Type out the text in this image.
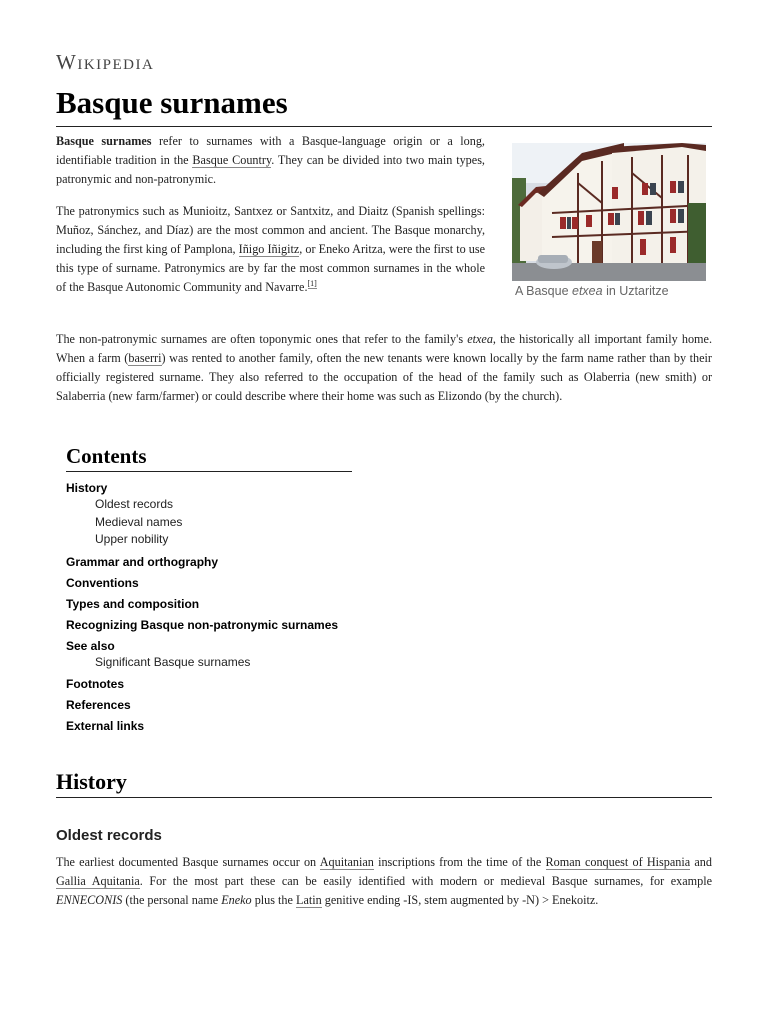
Wikipedia
Basque surnames

Basque surnames refer to surnames with a Basque-language origin or a long, identifiable tradition in the Basque Country. They can be divided into two main types, patronymic and non-patronymic.

The patronymics such as Munioitz, Santxez or Santxitz, and Diaitz (Spanish spellings: Muñoz, Sánchez, and Díaz) are the most common and ancient. The Basque monarchy, including the first king of Pamplona, Iñigo Iñigitz, or Eneko Aritza, were the first to use this type of surname. Patronymics are by far the most common surnames in the whole of the Basque Autonomic Community and Navarre.[1]

A Basque etxea in Uztaritze

The non-patronymic surnames are often toponymic ones that refer to the family's etxea, the historically all important family home. When a farm (baserri) was rented to another family, often the new tenants were known locally by the farm name rather than by their officially registered surname. They also referred to the occupation of the head of the family such as Olaberria (new smith) or Salaberria (new farm/farmer) or could describe where their home was such as Elizondo (by the church).

Contents
History
Oldest records
Medieval names
Upper nobility
Grammar and orthography
Conventions
Types and composition
Recognizing Basque non-patronymic surnames
See also
Significant Basque surnames
Footnotes
References
External links
History
Oldest records

The earliest documented Basque surnames occur on Aquitanian inscriptions from the time of the Roman conquest of Hispania and Gallia Aquitania. For the most part these can be easily identified with modern or medieval Basque surnames, for example ENNECONIS (the personal name Eneko plus the Latin genitive ending -IS, stem augmented by -N) > Enekoitz.
